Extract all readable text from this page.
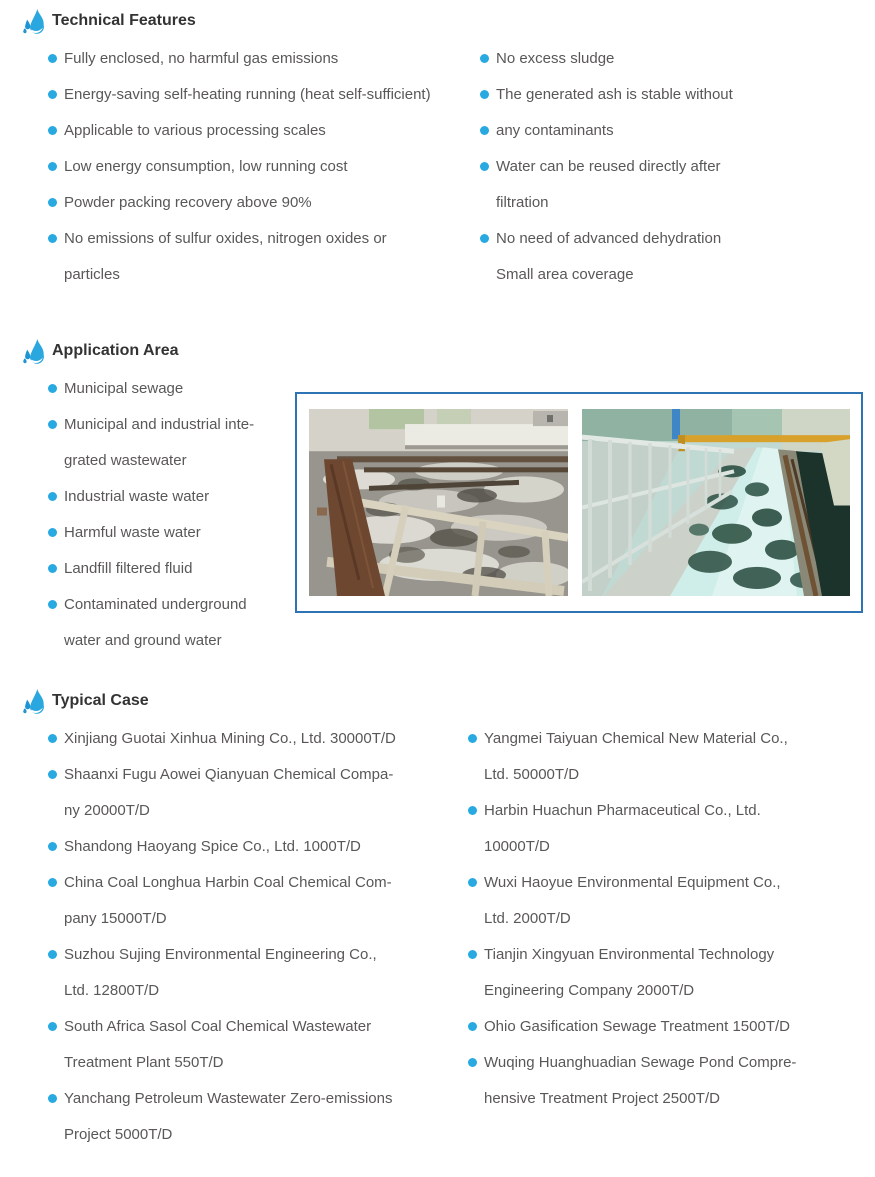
Technical Features
Fully enclosed, no harmful gas emissions
Energy-saving self-heating running (heat self-sufficient)
Applicable to various processing scales
Low energy consumption, low running cost
Powder packing recovery above 90%
No emissions of sulfur oxides, nitrogen oxides or
particles
No excess sludge
The generated ash is stable without
any contaminants
Water can be reused directly after
filtration
No need of advanced dehydration
Small area coverage
Application Area
Municipal sewage
Municipal and industrial inte-
grated wastewater
Industrial waste water
Harmful waste water
Landfill filtered fluid
Contaminated underground
water and ground water
Typical Case
Xinjiang Guotai Xinhua Mining Co., Ltd. 30000T/D
Shaanxi Fugu Aowei Qianyuan Chemical Compa-
ny 20000T/D
Shandong Haoyang Spice Co., Ltd. 1000T/D
China Coal Longhua Harbin Coal Chemical Com-
pany 15000T/D
Suzhou Sujing Environmental Engineering Co.,
Ltd. 12800T/D
South Africa Sasol Coal Chemical Wastewater
Treatment Plant 550T/D
Yanchang Petroleum Wastewater Zero-emissions
Project 5000T/D
Yangmei Taiyuan Chemical New Material Co.,
Ltd. 50000T/D
Harbin Huachun Pharmaceutical Co., Ltd.
10000T/D
Wuxi Haoyue Environmental Equipment Co.,
Ltd. 2000T/D
Tianjin Xingyuan Environmental Technology
Engineering Company 2000T/D
Ohio Gasification Sewage Treatment 1500T/D
Wuqing Huanghuadian Sewage Pond Compre-
hensive Treatment Project 2500T/D
